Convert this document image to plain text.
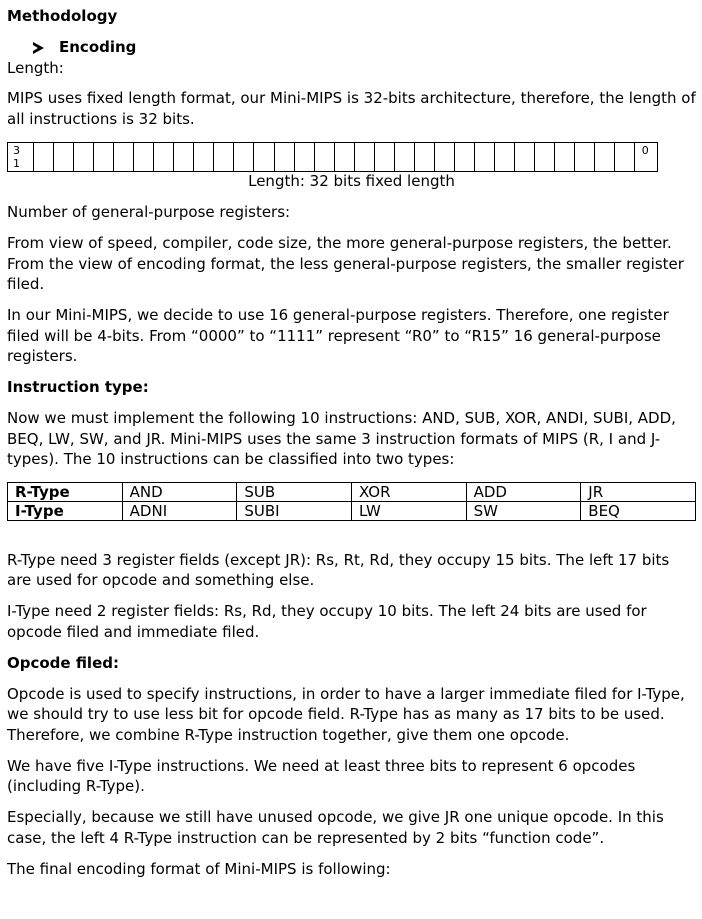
Methodology
Encoding
Length:

MIPS uses fixed length format, our Mini-MIPS is 32-bits architecture, therefore, the length of all instructions is 32 bits.

3
1
0
Length: 32 bits fixed length
Number of general-purpose registers:

From view of speed, compiler, code size, the more general-purpose registers, the better. From the view of encoding format, the less general-purpose registers, the smaller register filed.

In our Mini-MIPS, we decide to use 16 general-purpose registers. Therefore, one register filed will be 4-bits. From “0000” to “1111” represent “R0” to “R15” 16 general-purpose registers.

Instruction type:

Now we must implement the following 10 instructions: AND, SUB, XOR, ANDI, SUBI, ADD, BEQ, LW, SW, and JR. Mini-MIPS uses the same 3 instruction formats of MIPS (R, I and J-types). The 10 instructions can be classified into two types:

R-Type	AND	SUB	XOR	ADD	JR
I-Type	ADNI	SUBI	LW	SW	BEQ

R-Type need 3 register fields (except JR): Rs, Rt, Rd, they occupy 15 bits. The left 17 bits are used for opcode and something else.

I-Type need 2 register fields: Rs, Rd, they occupy 10 bits. The left 24 bits are used for opcode filed and immediate filed.

Opcode filed:

Opcode is used to specify instructions, in order to have a larger immediate filed for I-Type, we should try to use less bit for opcode field. R-Type has as many as 17 bits to be used. Therefore, we combine R-Type instruction together, give them one opcode.

We have five I-Type instructions. We need at least three bits to represent 6 opcodes (including R-Type).

Especially, because we still have unused opcode, we give JR one unique opcode. In this case, the left 4 R-Type instruction can be represented by 2 bits “function code”.

The final encoding format of Mini-MIPS is following:
